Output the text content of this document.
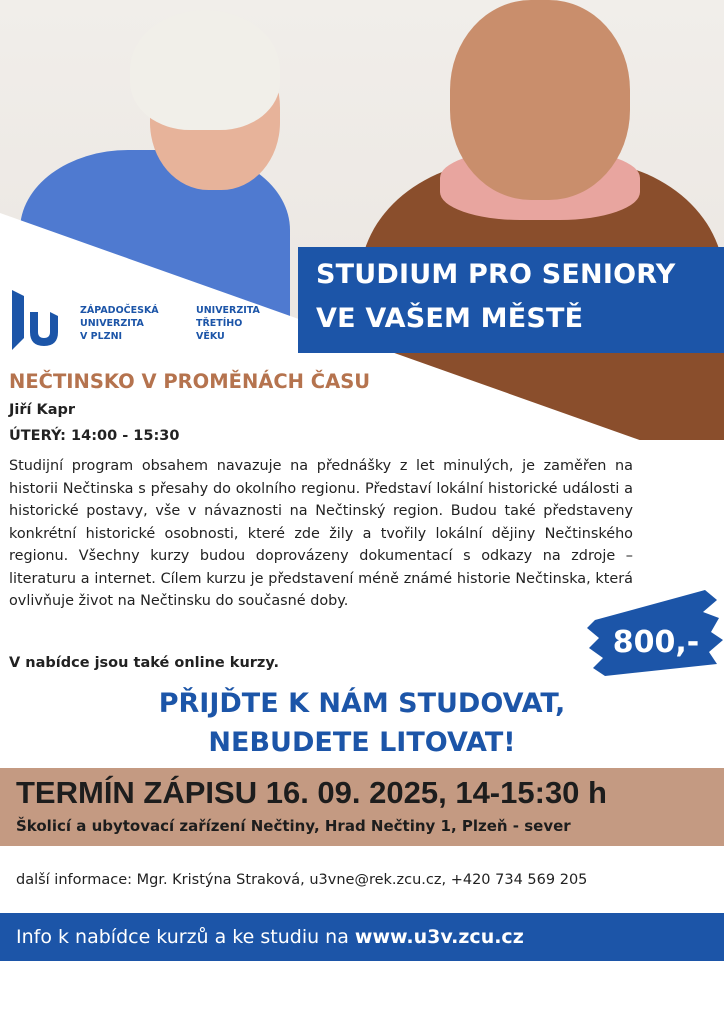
STUDIUM PRO SENIORY
VE VAŠEM MĚSTĚ
ZÁPADOČESKÁ
UNIVERZITA
V PLZNI
UNIVERZITA
TŘETÍHO
VĚKU
NEČTINSKO V PROMĚNÁCH ČASU
Jiří Kapr
ÚTERÝ: 14:00 - 15:30

Studijní program obsahem navazuje na přednášky z let minulých, je zaměřen na historii Nečtinska s přesahy do okolního regionu. Představí lokální historické události a historické postavy, vše v návaznosti na Nečtinský region. Budou také představeny konkrétní historické osobnosti, které zde žily a tvořily lokální dějiny Nečtinského regionu. Všechny kurzy budou doprovázeny dokumentací s odkazy na zdroje – literaturu a internet. Cílem kurzu je představení méně známé historie Nečtinska, která ovlivňuje život na Nečtinsku do současné doby.

V nabídce jsou také online kurzy.
800,-
PŘIJĎTE K NÁM STUDOVAT,
NEBUDETE LITOVAT!
TERMÍN ZÁPISU 16. 09. 2025, 14-15:30 h
Školicí a ubytovací zařízení Nečtiny, Hrad Nečtiny 1, Plzeň - sever
další informace: Mgr. Kristýna Straková, u3vne@rek.zcu.cz, +420 734 569 205
Info k nabídce kurzů a ke studiu na www.u3v.zcu.cz
